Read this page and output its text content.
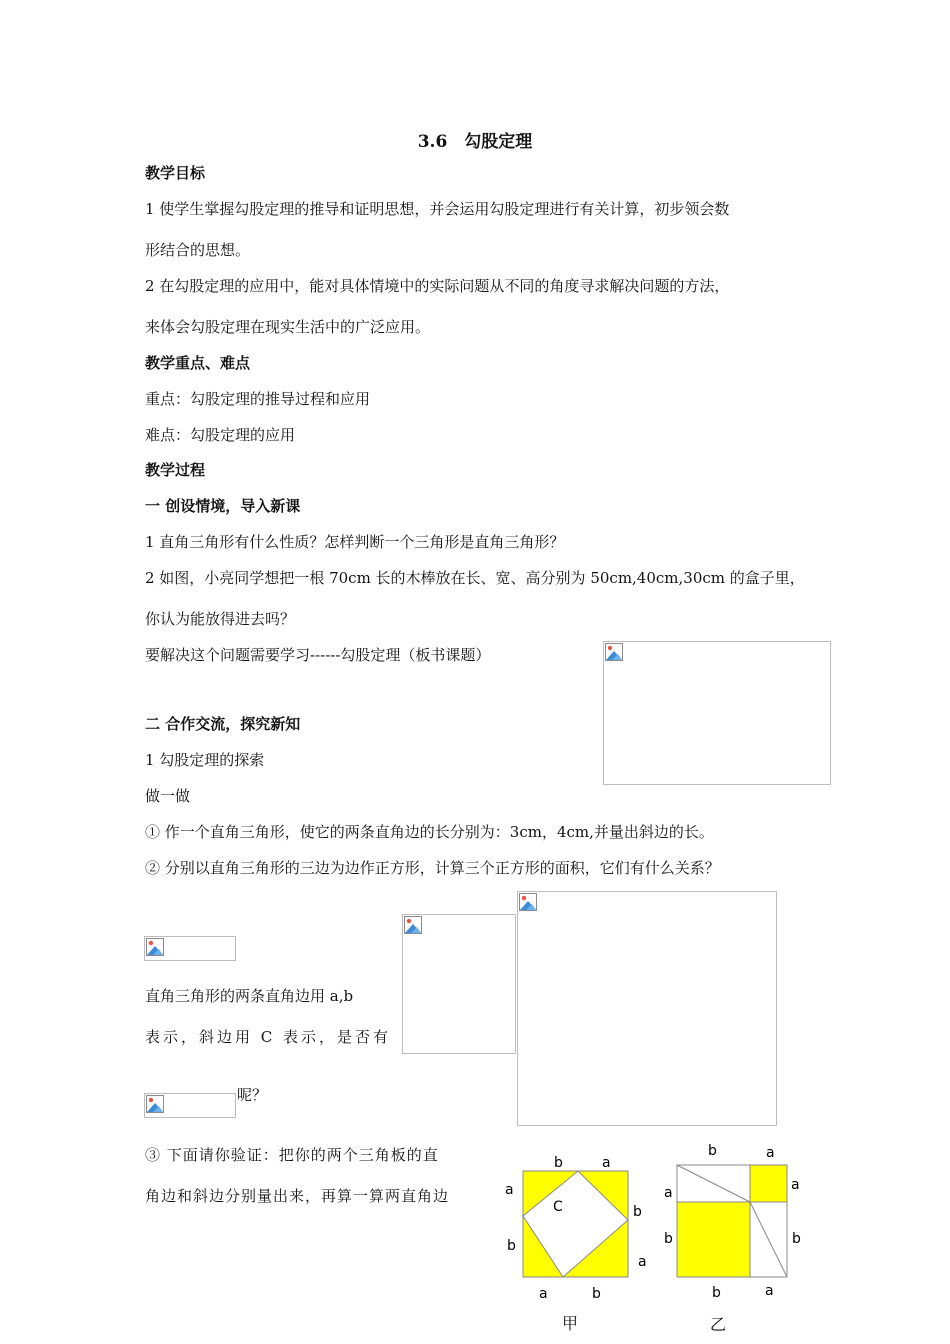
3.6　勾股定理
教学目标
1 使学生掌握勾股定理的推导和证明思想，并会运用勾股定理进行有关计算，初步领会数
形结合的思想。
2 在勾股定理的应用中，能对具体情境中的实际问题从不同的角度寻求解决问题的方法，
来体会勾股定理在现实生活中的广泛应用。
教学重点、难点
重点：勾股定理的推导过程和应用
难点：勾股定理的应用
教学过程
一 创设情境，导入新课
1 直角三角形有什么性质？怎样判断一个三角形是直角三角形？
2 如图，小亮同学想把一根 70cm 长的木棒放在长、宽、高分别为 50cm,40cm,30cm 的盒子里，
你认为能放得进去吗？
要解决这个问题需要学习------勾股定理（板书课题）
二 合作交流，探究新知
1 勾股定理的探索
做一做
① 作一个直角三角形，使它的两条直角边的长分别为：3cm，4cm,并量出斜边的长。
② 分别以直角三角形的三边为边作正方形，计算三个正方形的面积，它们有什么关系？
直角三角形的两条直角边用 a,b
表示，斜边用 C 表示，是否有
呢？
③ 下面请你验证：把你的两个三角板的直
角边和斜边分别量出来，再算一算两直角边
b	a
a
b
b
a
a	b
C
甲
b	a
a
b
a
b
b	a
乙
